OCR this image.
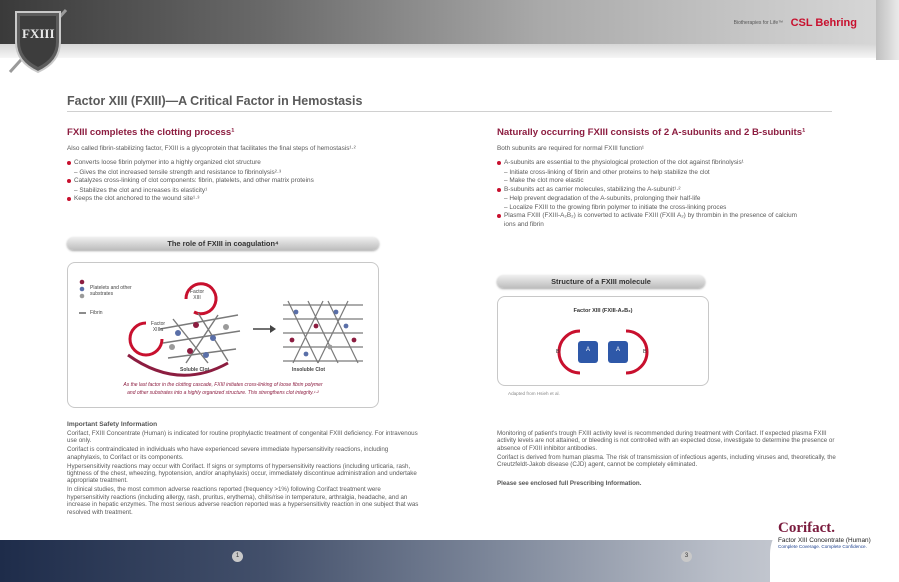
FXIII
Biotherapies for Life™ CSL Behring
Factor XIII (FXIII)—A Critical Factor in Hemostasis
FXIII completes the clotting process¹
Also called fibrin-stabilizing factor, FXIII is a glycoprotein that facilitates the final steps of hemostasis¹·²
Converts loose fibrin polymer into a highly organized clot structure
– Gives the clot increased tensile strength and resistance to fibrinolysis²·³
Catalyzes cross-linking of clot components: fibrin, platelets, and other matrix proteins
– Stabilizes the clot and increases its elasticity¹
Keeps the clot anchored to the wound site¹·³
The role of FXIII in coagulation⁴
Platelets and other substrates
Fibrin
Factor XIII
Factor XIIIa
Soluble Clot	Insoluble Clot
As the last factor in the clotting cascade, FXIII initiates cross-linking of loose fibrin polymer
and other substrates into a highly organized structure. This strengthens clot integrity.¹·²
Naturally occurring FXIII consists of 2 A-subunits and 2 B-subunits¹
Both subunits are required for normal FXIII function¹
A-subunits are essential to the physiological protection of the clot against fibrinolysis¹
– Initiate cross-linking of fibrin and other proteins to help stabilize the clot
– Make the clot more elastic
B-subunits act as carrier molecules, stabilizing the A-subunit¹·²
– Help prevent degradation of the A-subunits, prolonging their half-life
– Localize FXIII to the growing fibrin polymer to initiate the cross-linking proces
Plasma FXIII (FXIII-A₂B₂) is converted to activate FXIII (FXIII A₂) by thrombin in the presence of calcium ions and fibrin
Structure of a FXIII molecule
Factor XIII (FXIII-A₂B₂)
A	A
B	B
Adapted from Hsieh et al.
Important Safety Information
Corifact, FXIII Concentrate (Human) is indicated for routine prophylactic treatment of congenital FXIII deficiency. For intravenous use only.
Corifact is contraindicated in individuals who have experienced severe immediate hypersensitivity reactions, including anaphylaxis, to Corifact or its components.
Hypersensitivity reactions may occur with Corifact. If signs or symptoms of hypersensitivity reactions (including urticaria, rash, tightness of the chest, wheezing, hypotension, and/or anaphylaxis) occur, immediately discontinue administration and undertake appropriate treatment.
In clinical studies, the most common adverse reactions reported (frequency >1%) following Corifact treatment were hypersensitivity reactions (including allergy, rash, pruritus, erythema), chills/rise in temperature, arthralgia, headache, and an increase in hepatic enzymes. The most serious adverse reaction reported was a hypersensitivity reaction in one subject that was resolved with treatment.
Monitoring of patient's trough FXIII activity level is recommended during treatment with Corifact. If expected plasma FXIII activity levels are not attained, or bleeding is not controlled with an expected dose, investigate to determine the presence or absence of FXIII inhibitor antibodies.
Corifact is derived from human plasma. The risk of transmission of infectious agents, including viruses and, theoretically, the Creutzfeldt-Jakob disease (CJD) agent, cannot be completely eliminated.
Please see enclosed full Prescribing Information.
1	3
Corifact.
Factor XIII Concentrate (Human)
Complete Coverage. Complete Confidence.
